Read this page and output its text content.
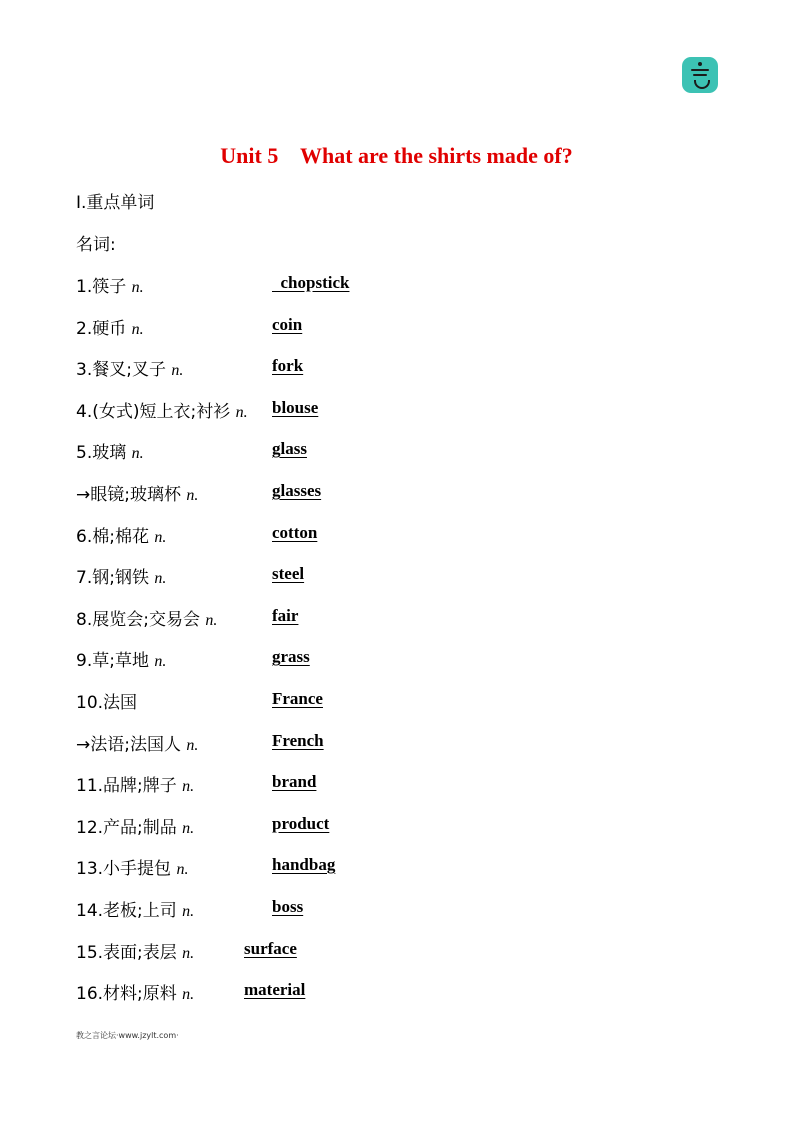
Unit 5    What are the shirts made of?
Ⅰ.重点单词
名词:
1.筷子 n.	chopstick
2.硬币 n.	coin
3.餐叉;叉子 n.	fork
4.(女式)短上衣;衬衫 n. blouse
5.玻璃 n.	glass
→眼镜;玻璃杯 n.	glasses
6.棉;棉花 n.	cotton
7.钢;钢铁 n.	steel
8.展览会;交易会 n.	fair
9.草;草地 n.	grass
10.法国	France
→法语;法国人 n.	French
11.品牌;牌子 n.	brand
12.产品;制品 n.	product
13.小手提包 n.	handbag
14.老板;上司 n.	boss
15.表面;表层 n.	surface
16.材料;原料 n.	material
教之言论坛·www.jzylt.com·
